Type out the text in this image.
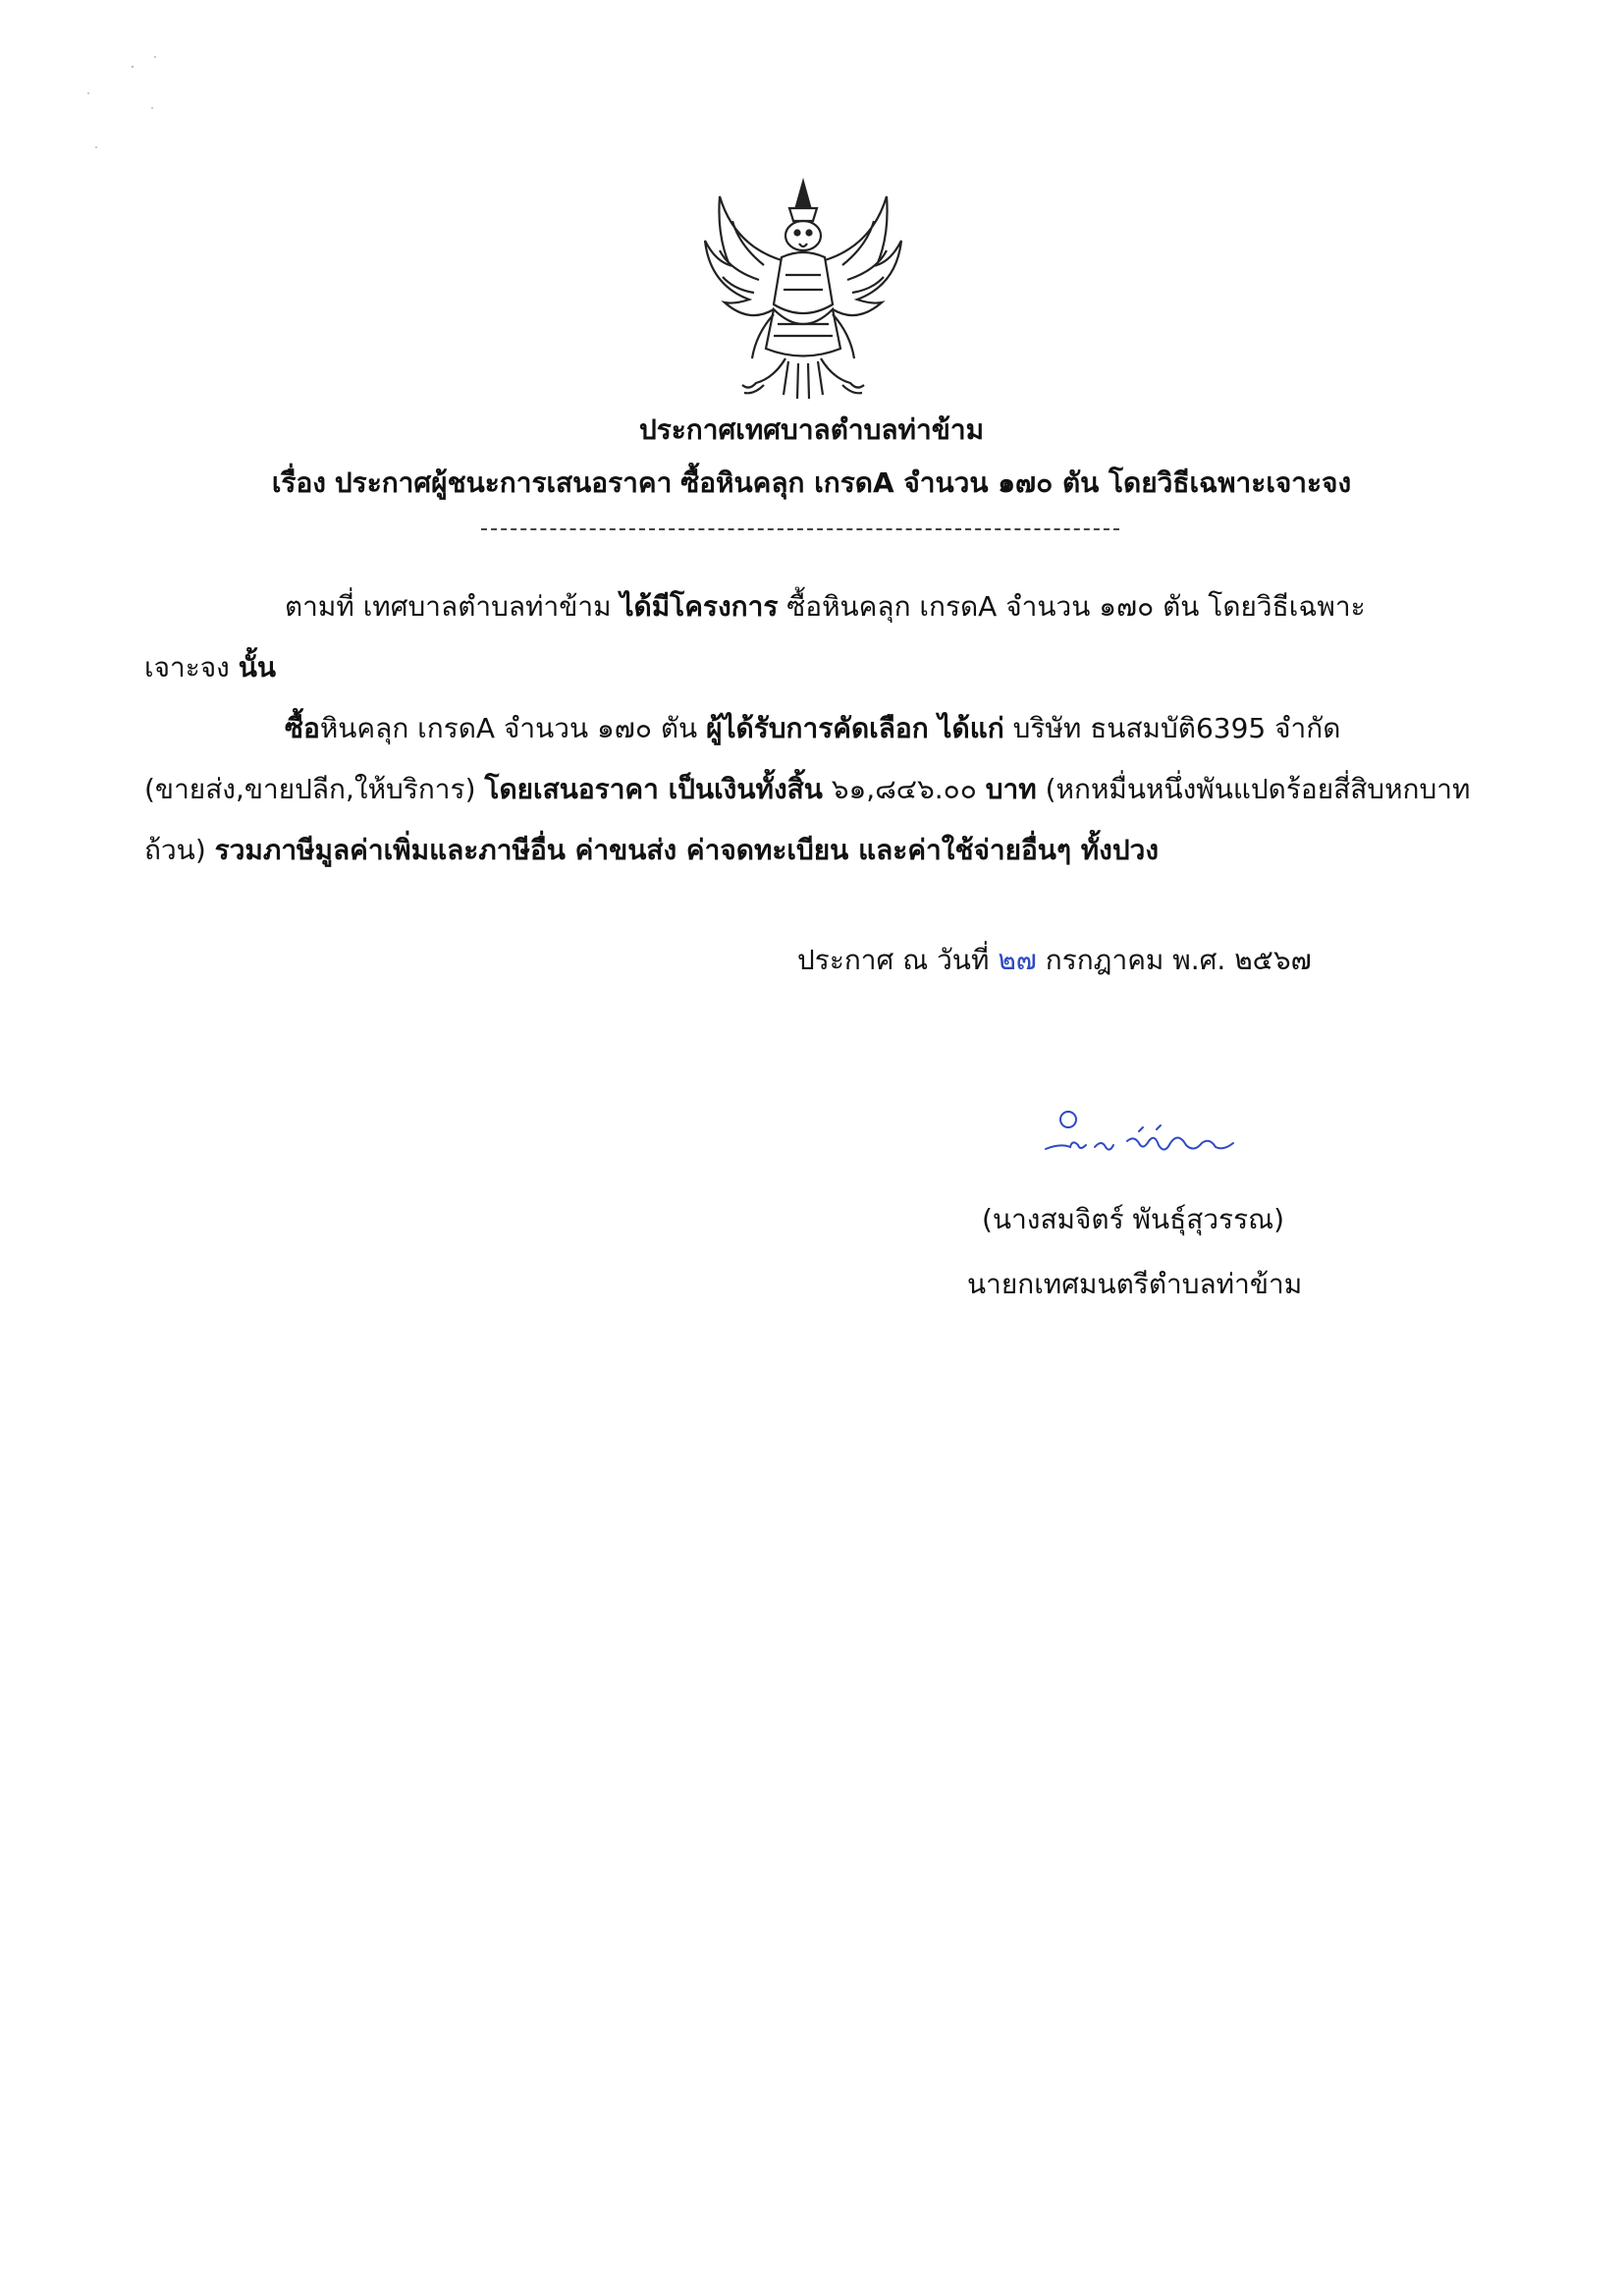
ประกาศเทศบาลตำบลท่าข้าม
เรื่อง ประกาศผู้ชนะการเสนอราคา ซื้อหินคลุก เกรดA จำนวน ๑๗๐ ตัน โดยวิธีเฉพาะเจาะจง
ตามที่ เทศบาลตำบลท่าข้าม ได้มีโครงการ ซื้อหินคลุก เกรดA จำนวน ๑๗๐ ตัน โดยวิธีเฉพาะ
เจาะจง นั้น
ซื้อหินคลุก เกรดA จำนวน ๑๗๐ ตัน ผู้ได้รับการคัดเลือก ได้แก่ บริษัท ธนสมบัติ6395 จำกัด
(ขายส่ง,ขายปลีก,ให้บริการ) โดยเสนอราคา เป็นเงินทั้งสิ้น ๖๑,๘๔๖.๐๐ บาท (หกหมื่นหนึ่งพันแปดร้อยสี่สิบหกบาท
ถ้วน) รวมภาษีมูลค่าเพิ่มและภาษีอื่น ค่าขนส่ง ค่าจดทะเบียน และค่าใช้จ่ายอื่นๆ ทั้งปวง
ประกาศ ณ วันที่ ๒๗ กรกฎาคม พ.ศ. ๒๕๖๗
(นางสมจิตร์ พันธุ์สุวรรณ)
นายกเทศมนตรีตำบลท่าข้าม
